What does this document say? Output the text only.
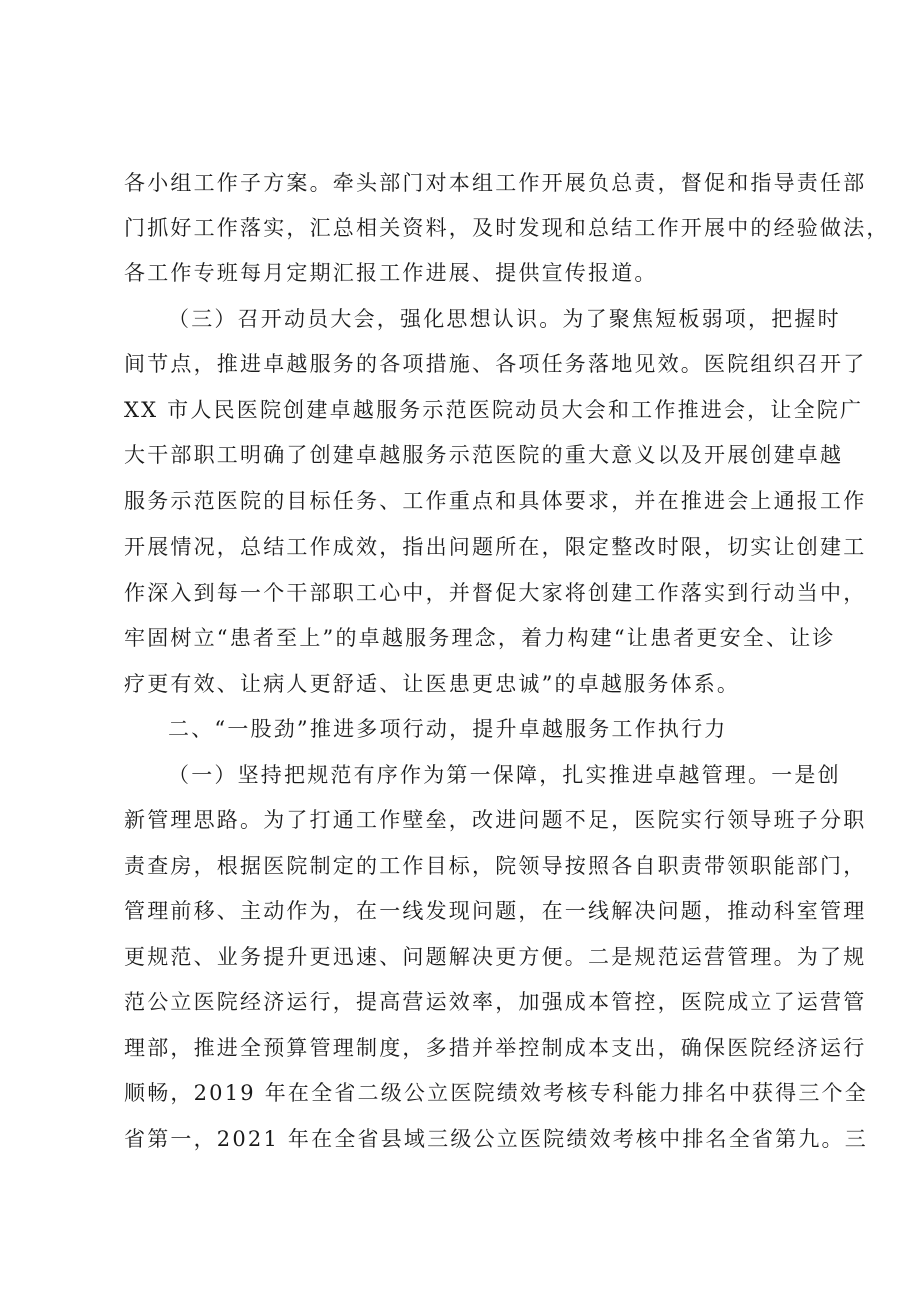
各小组工作子方案。牵头部门对本组工作开展负总责，督促和指导责任部
门抓好工作落实，汇总相关资料，及时发现和总结工作开展中的经验做法，
各工作专班每月定期汇报工作进展、提供宣传报道。
（三）召开动员大会，强化思想认识。为了聚焦短板弱项，把握时
间节点，推进卓越服务的各项措施、各项任务落地见效。医院组织召开了
XX 市人民医院创建卓越服务示范医院动员大会和工作推进会，让全院广
大干部职工明确了创建卓越服务示范医院的重大意义以及开展创建卓越
服务示范医院的目标任务、工作重点和具体要求，并在推进会上通报工作
开展情况，总结工作成效，指出问题所在，限定整改时限，切实让创建工
作深入到每一个干部职工心中，并督促大家将创建工作落实到行动当中，
牢固树立“患者至上”的卓越服务理念，着力构建“让患者更安全、让诊
疗更有效、让病人更舒适、让医患更忠诚”的卓越服务体系。
二、“一股劲”推进多项行动，提升卓越服务工作执行力
（一）坚持把规范有序作为第一保障，扎实推进卓越管理。一是创
新管理思路。为了打通工作壁垒，改进问题不足，医院实行领导班子分职
责查房，根据医院制定的工作目标，院领导按照各自职责带领职能部门，
管理前移、主动作为，在一线发现问题，在一线解决问题，推动科室管理
更规范、业务提升更迅速、问题解决更方便。二是规范运营管理。为了规
范公立医院经济运行，提高营运效率，加强成本管控，医院成立了运营管
理部，推进全预算管理制度，多措并举控制成本支出，确保医院经济运行
顺畅，2019 年在全省二级公立医院绩效考核专科能力排名中获得三个全
省第一，2021 年在全省县域三级公立医院绩效考核中排名全省第九。三
